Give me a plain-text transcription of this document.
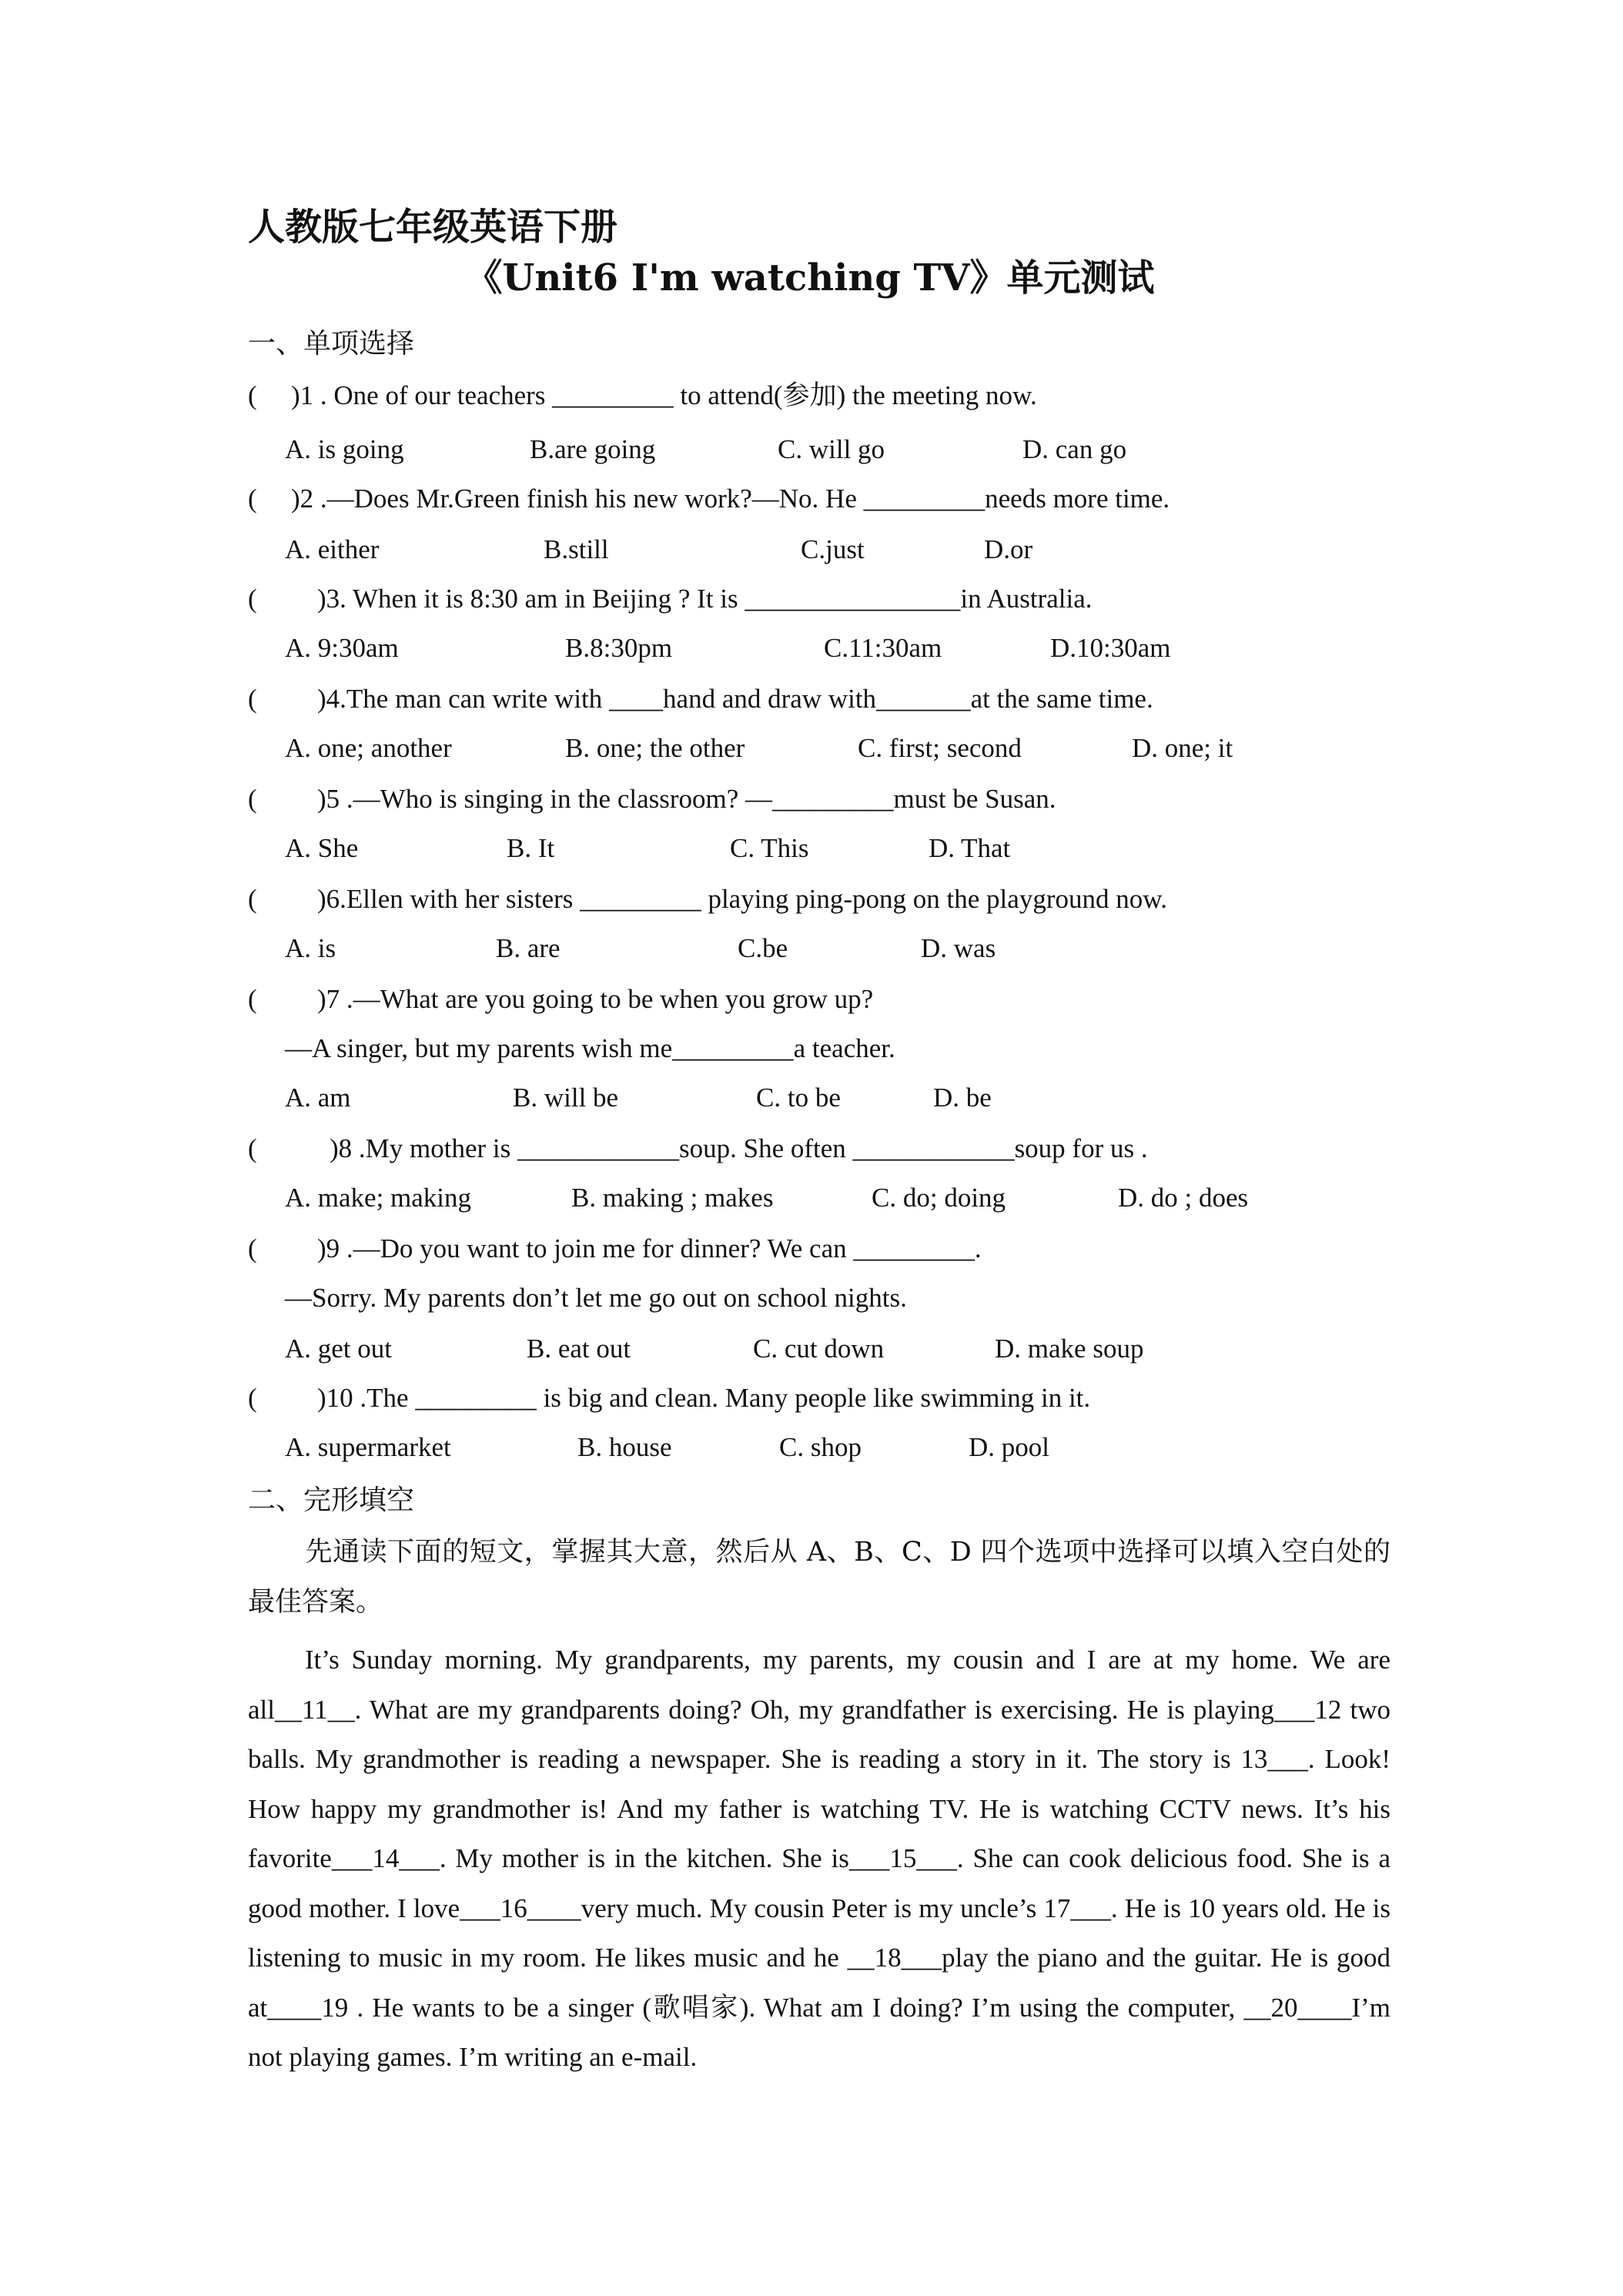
人教版七年级英语下册
《Unit6 I'm watching TV》单元测试
一、单项选择
( )1 . One of our teachers _________ to attend(参加) the meeting now.
A. is going	B.are going	C. will go	D. can go
( )2 .—Does Mr.Green finish his new work?—No. He _________needs more time.
A. either	B.still	C.just	D.or
( )3. When it is 8:30 am in Beijing ? It is ________________in Australia.
A. 9:30am	B.8:30pm	C.11:30am	D.10:30am
( )4.The man can write with ____hand and draw with_______at the same time.
A. one; another	B. one; the other	C. first; second	D. one; it
( )5 .—Who is singing in the classroom? —_________must be Susan.
A. She	B. It	C. This	D. That
( )6.Ellen with her sisters _________ playing ping-pong on the playground now.
A. is	B. are	C.be	D. was
( )7 .—What are you going to be when you grow up?
—A singer, but my parents wish me_________a teacher.
A. am	B. will be	C. to be	D. be
(	)8 .My mother is ____________soup. She often ____________soup for us .
A. make; making	B. making ; makes	C. do; doing	D. do ; does
( )9 .—Do you want to join me for dinner? We can _________.
—Sorry. My parents don’t let me go out on school nights.
A. get out	B. eat out	C. cut down	D. make soup
( )10 .The _________ is big and clean. Many people like swimming in it.
A. supermarket	B. house	C. shop	D. pool
二、完形填空
先通读下面的短文，掌握其大意，然后从 A、B、C、D 四个选项中选择可以填入空白处的最佳答案。
It’s Sunday morning. My grandparents, my parents, my cousin and I are at my home. We are all__11__. What are my grandparents doing? Oh, my grandfather is exercising. He is playing___12 two balls. My grandmother is reading a newspaper. She is reading a story in it. The story is 13___. Look! How happy my grandmother is! And my father is watching TV. He is watching CCTV news. It’s his favorite___14___. My mother is in the kitchen. She is___15___. She can cook delicious food. She is a good mother. I love___16____very much. My cousin Peter is my uncle’s 17___. He is 10 years old. He is listening to music in my room. He likes music and he __18___play the piano and the guitar. He is good at____19 . He wants to be a singer (歌唱家). What am I doing? I’m using the computer, __20____I’m not playing games. I’m writing an e-mail.
